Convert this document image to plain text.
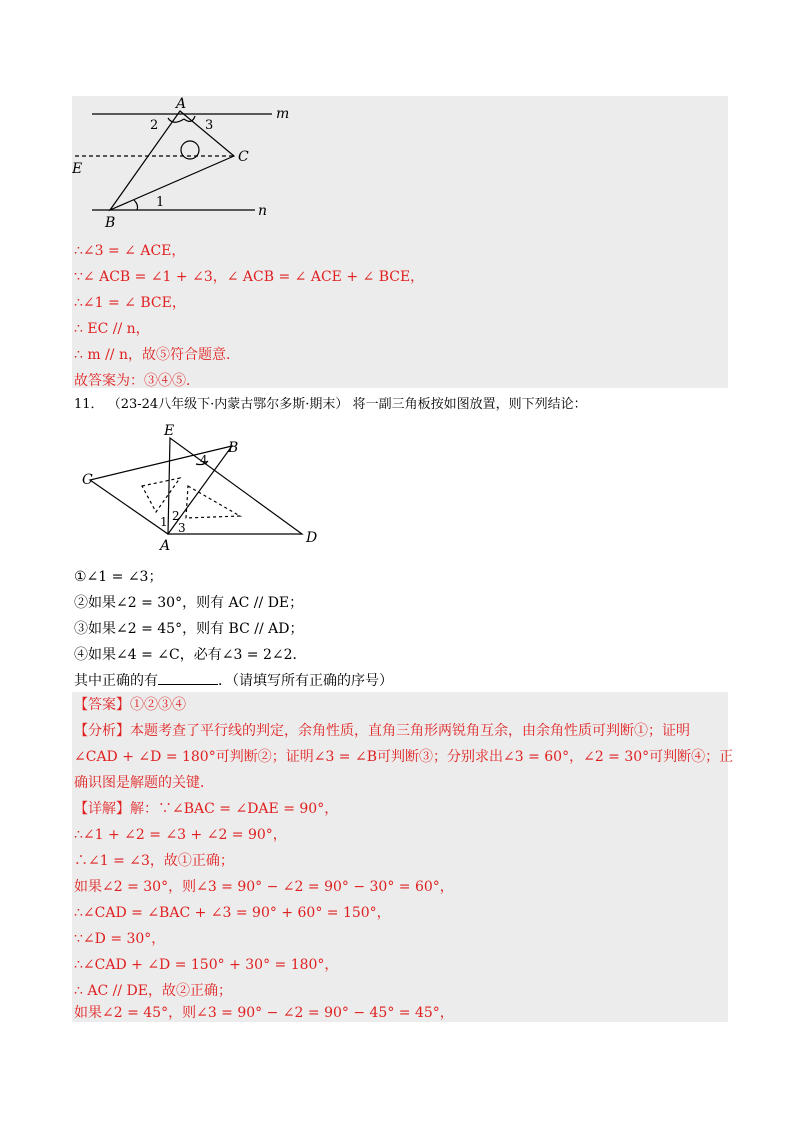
A
m
C
E
B
n
2	3
1
∴∠3 = ∠ ACE，
∵∠ ACB = ∠1 + ∠3，∠ ACB = ∠ ACE + ∠ BCE，
∴∠1 = ∠ BCE，
∴ EC // n，
∴ m // n，故⑤符合题意．
故答案为：③④⑤．
11． （23-24八年级下·内蒙古鄂尔多斯·期末） 将一副三角板按如图放置，则下列结论：
E
B
C
A	D
4
1 2
3
①∠1 = ∠3；
②如果∠2 = 30°，则有 AC // DE；
③如果∠2 = 45°，则有 BC // AD；
④如果∠4 = ∠C，必有∠3 = 2∠2．
其中正确的有	．（请填写所有正确的序号）
【答案】①②③④
【分析】本题考查了平行线的判定，余角性质，直角三角形两锐角互余，由余角性质可判断①；证明
∠CAD + ∠D = 180°可判断②；证明∠3 = ∠B可判断③；分别求出∠3 = 60°，∠2 = 30°可判断④；正
确识图是解题的关键．
【详解】解：∵∠BAC = ∠DAE = 90°，
∴∠1 + ∠2 = ∠3 + ∠2 = 90°，
∴∠1 = ∠3，故①正确；
如果∠2 = 30°，则∠3 = 90° − ∠2 = 90° − 30° = 60°，
∴∠CAD = ∠BAC + ∠3 = 90° + 60° = 150°，
∵∠D = 30°，
∴∠CAD + ∠D = 150° + 30° = 180°，
∴ AC // DE，故②正确；
如果∠2 = 45°，则∠3 = 90° − ∠2 = 90° − 45° = 45°，
